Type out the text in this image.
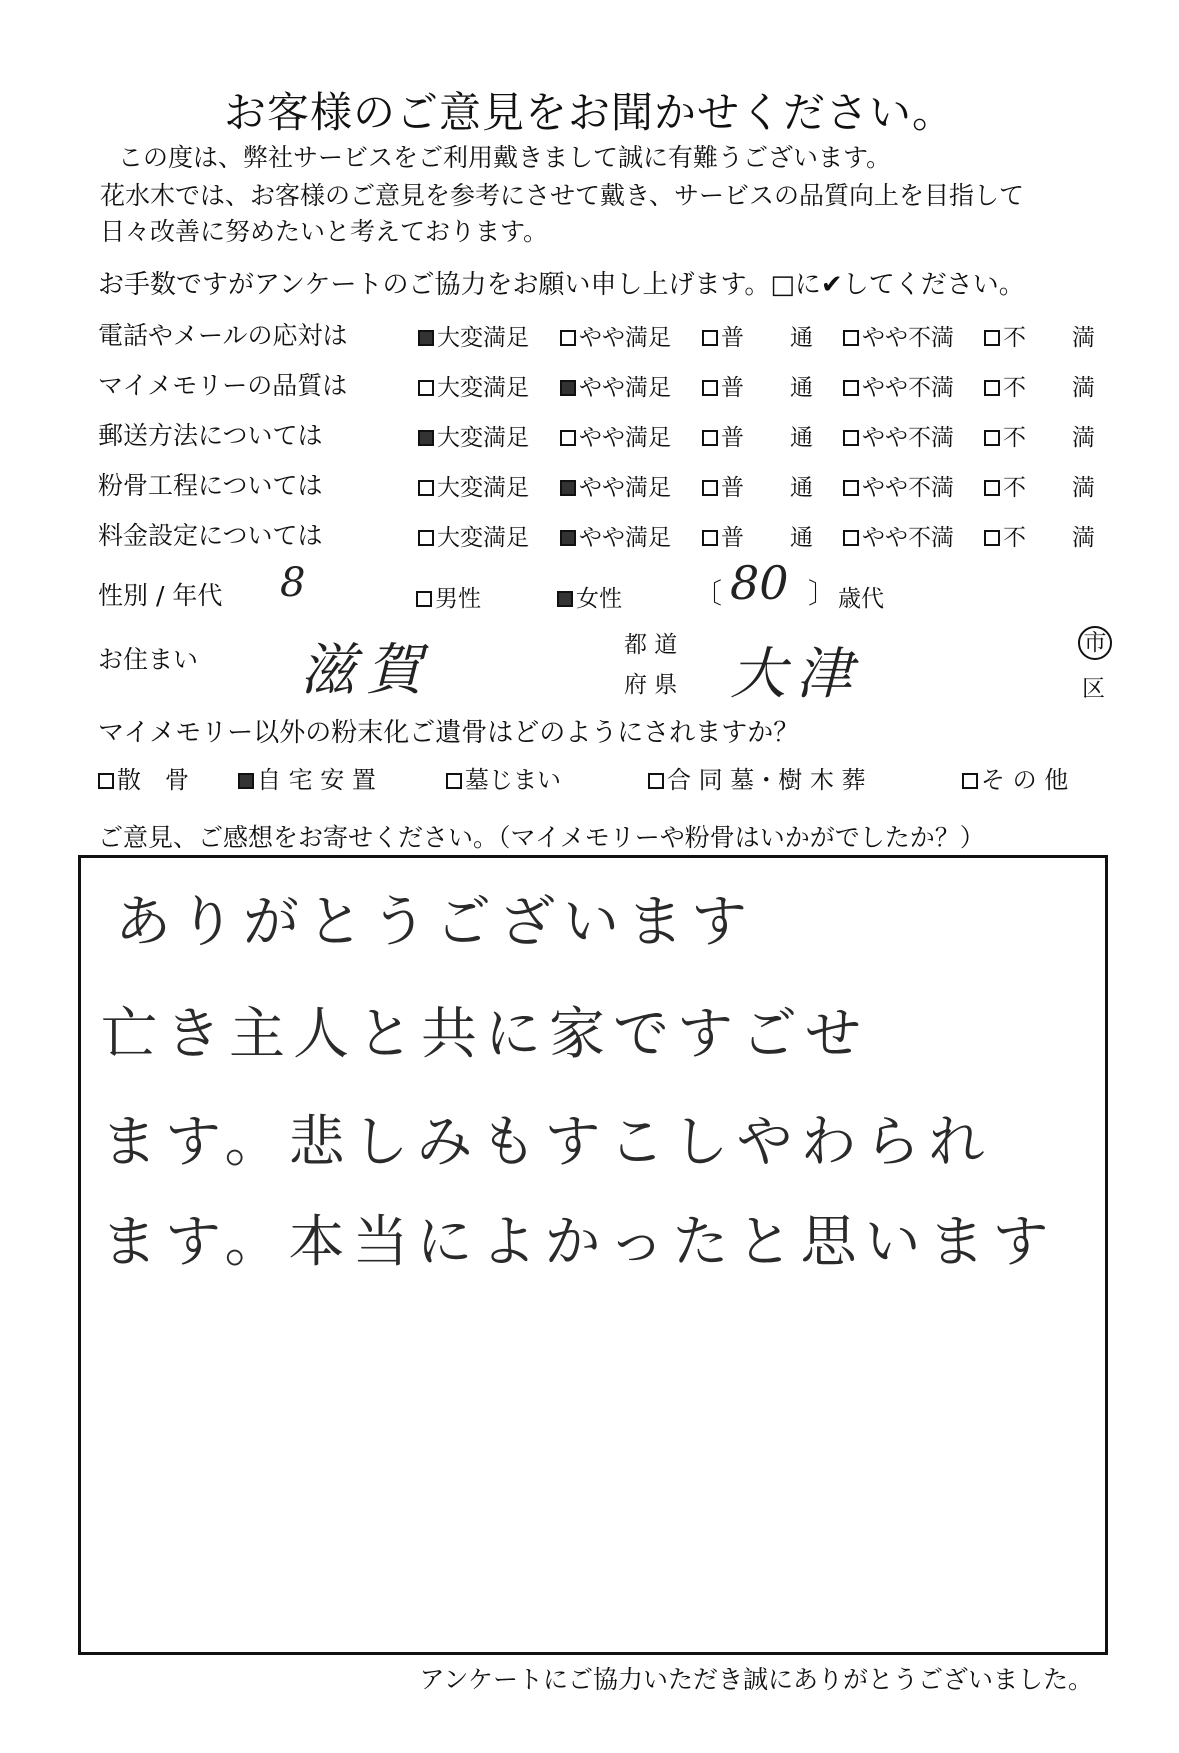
お客様のご意見をお聞かせください。
この度は、弊社サービスをご利用戴きまして誠に有難うございます。
花水木では、お客様のご意見を参考にさせて戴き、サービスの品質向上を目指して
日々改善に努めたいと考えております。
お手数ですがアンケートのご協力をお願い申し上げます。□に✔してください。
電話やメールの応対は	大変満足	やや満足	普　　通	やや不満	不　　満
マイメモリーの品質は	大変満足	やや満足	普　　通	やや不満	不　　満
郵送方法については	大変満足	やや満足	普　　通	やや不満	不　　満
粉骨工程については	大変満足	やや満足	普　　通	やや不満	不　　満
料金設定については	大変満足	やや満足	普　　通	やや不満	不　　満
性別 / 年代 8	男性	女性	〔 80 〕 歳代
お住まい 滋賀	都 道
府 県 大津	市
区
マイメモリー以外の粉末化ご遺骨はどのようにされますか？
散　骨	自 宅 安 置	墓じまい	合 同 墓・樹 木 葬	そ の 他
ご意見、ご感想をお寄せください。（マイメモリーや粉骨はいかがでしたか？）
ありがとうございます
亡き主人と共に家ですごせ
ます。悲しみもすこしやわられ
ます。本当によかったと思います
アンケートにご協力いただき誠にありがとうございました。
